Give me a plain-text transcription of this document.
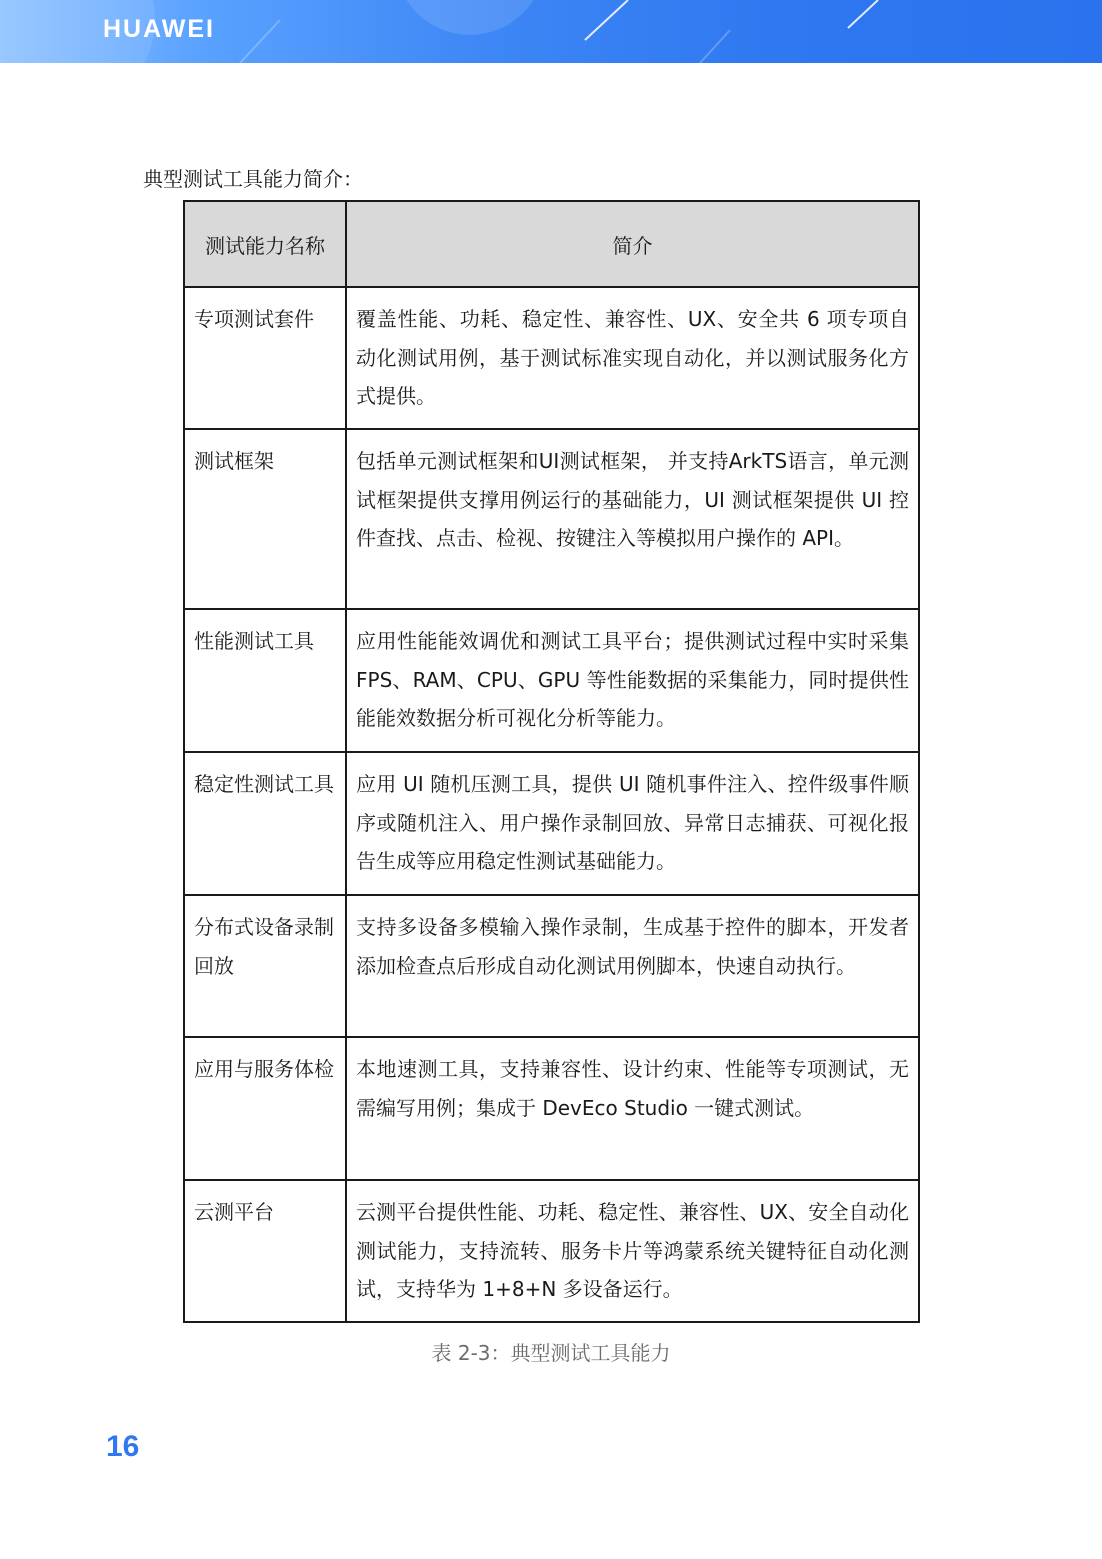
HUAWEI
典型测试工具能力简介：
测试能力名称	简介
专项测试套件	覆盖性能、功耗、稳定性、兼容性、UX、安全共 6 项专项自动化测试用例，基于测试标准实现自动化，并以测试服务化方式提供。
测试框架	包括单元测试框架和UI测试框架， 并支持ArkTS语言，单元测试框架提供支撑用例运行的基础能力，UI 测试框架提供 UI 控件查找、点击、检视、按键注入等模拟用户操作的 API。
性能测试工具	应用性能能效调优和测试工具平台；提供测试过程中实时采集 FPS、RAM、CPU、GPU 等性能数据的采集能力，同时提供性能能效数据分析可视化分析等能力。
稳定性测试工具	应用 UI 随机压测工具，提供 UI 随机事件注入、控件级事件顺序或随机注入、用户操作录制回放、异常日志捕获、可视化报告生成等应用稳定性测试基础能力。
分布式设备录制回放	支持多设备多模输入操作录制，生成基于控件的脚本，开发者添加检查点后形成自动化测试用例脚本，快速自动执行。
应用与服务体检	本地速测工具，支持兼容性、设计约束、性能等专项测试，无需编写用例；集成于 DevEco Studio 一键式测试。
云测平台	云测平台提供性能、功耗、稳定性、兼容性、UX、安全自动化测试能力，支持流转、服务卡片等鸿蒙系统关键特征自动化测试，支持华为 1+8+N 多设备运行。
表 2-3：典型测试工具能力
16
